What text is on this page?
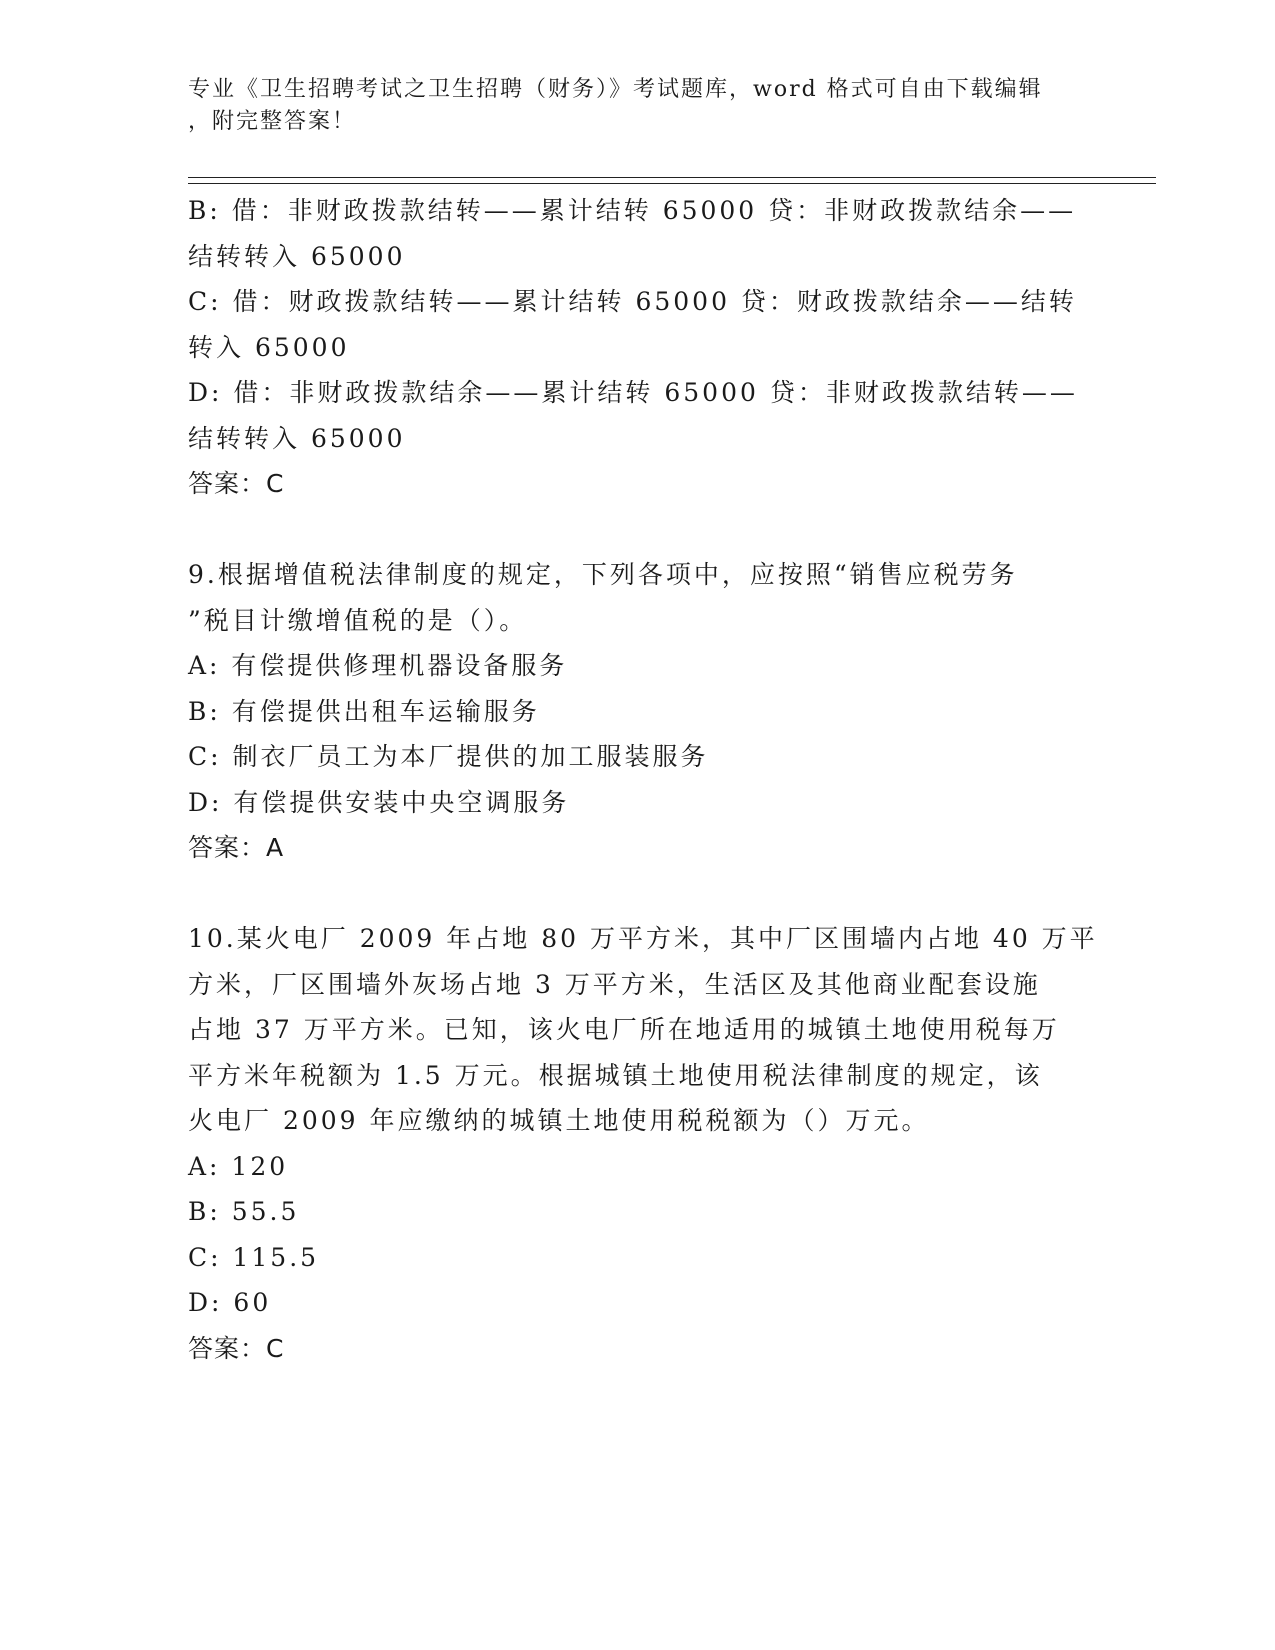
专业《卫生招聘考试之卫生招聘（财务）》考试题库，word 格式可自由下载编辑
，附完整答案！
B: 借：非财政拨款结转——累计结转 65000 贷：非财政拨款结余——
结转转入 65000
C: 借：财政拨款结转——累计结转 65000 贷：财政拨款结余——结转
转入 65000
D: 借：非财政拨款结余——累计结转 65000 贷：非财政拨款结转——
结转转入 65000
答案：C
9.根据增值税法律制度的规定，下列各项中，应按照“销售应税劳务
”税目计缴增值税的是（）。
A: 有偿提供修理机器设备服务
B: 有偿提供出租车运输服务
C: 制衣厂员工为本厂提供的加工服装服务
D: 有偿提供安装中央空调服务
答案：A
10.某火电厂 2009 年占地 80 万平方米，其中厂区围墙内占地 40 万平
方米，厂区围墙外灰场占地 3 万平方米，生活区及其他商业配套设施
占地 37 万平方米。已知，该火电厂所在地适用的城镇土地使用税每万
平方米年税额为 1.5 万元。根据城镇土地使用税法律制度的规定，该
火电厂 2009 年应缴纳的城镇土地使用税税额为（）万元。
A: 120
B: 55.5
C: 115.5
D: 60
答案：C
